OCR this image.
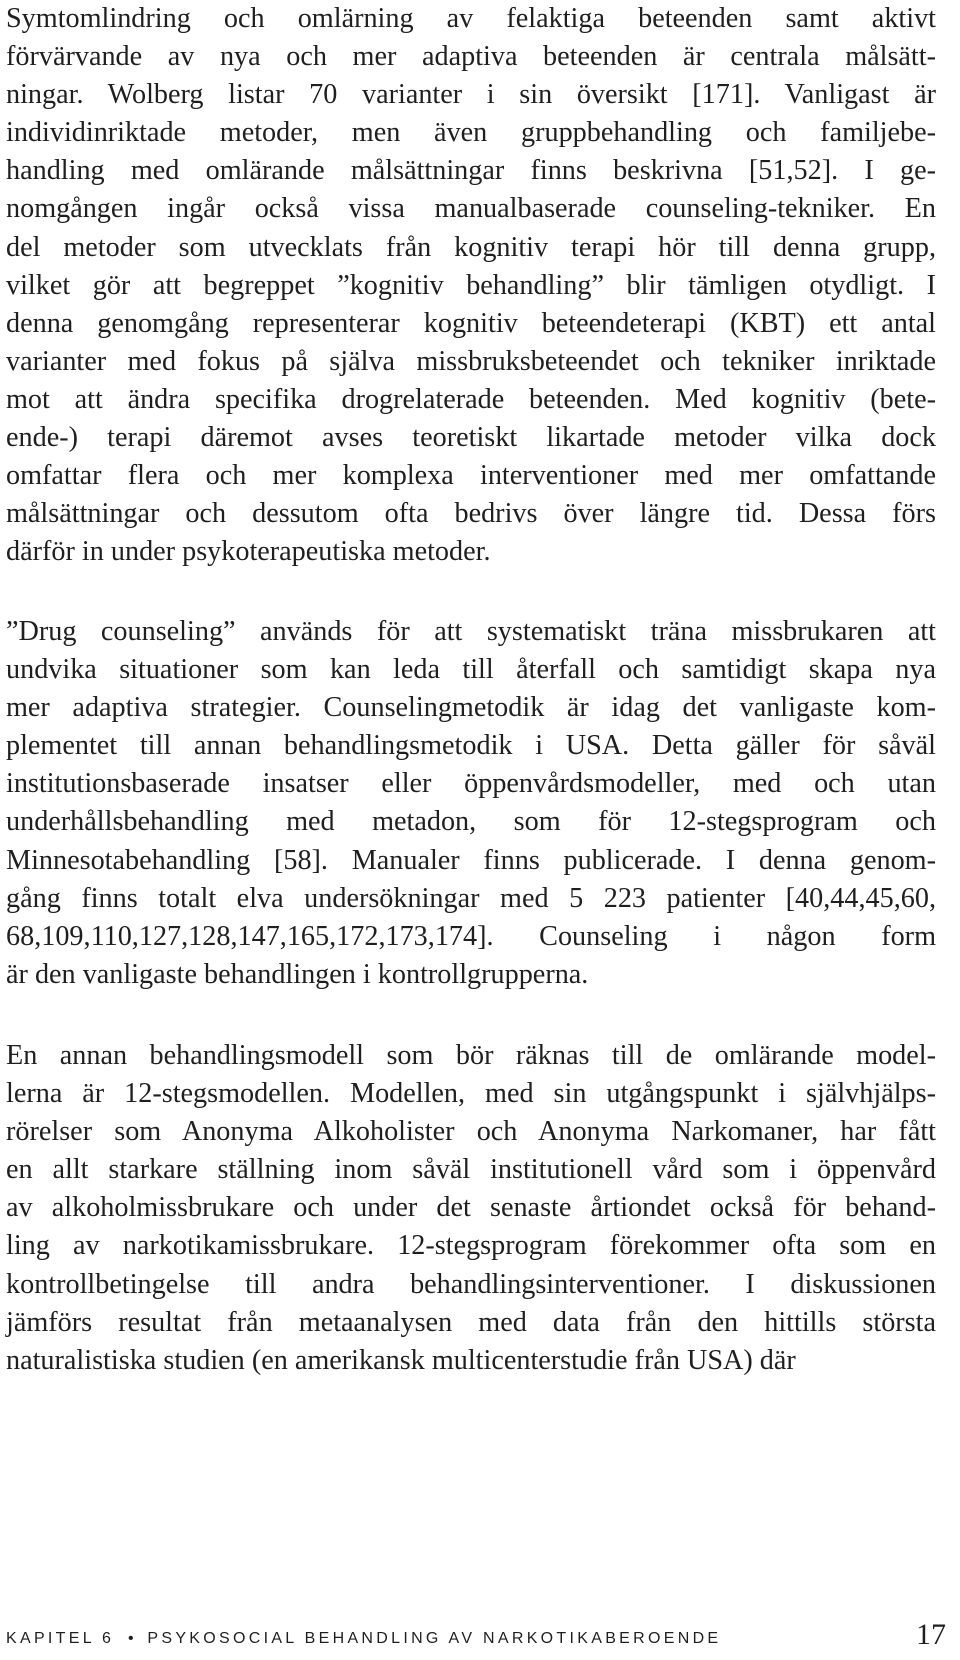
Symtomlindring och omlärning av felaktiga beteenden samt aktivt
förvärvande av nya och mer adaptiva beteenden är centrala målsätt-
ningar. Wolberg listar 70 varianter i sin översikt [171]. Vanligast är
individinriktade metoder, men även gruppbehandling och familjebe-
handling med omlärande målsättningar finns beskrivna [51,52]. I ge-
nomgången ingår också vissa manualbaserade counseling-tekniker. En
del metoder som utvecklats från kognitiv terapi hör till denna grupp,
vilket gör att begreppet ”kognitiv behandling” blir tämligen otydligt. I
denna genomgång representerar kognitiv beteendeterapi (KBT) ett antal
varianter med fokus på själva missbruksbeteendet och tekniker inriktade
mot att ändra specifika drogrelaterade beteenden. Med kognitiv (bete-
ende-) terapi däremot avses teoretiskt likartade metoder vilka dock
omfattar flera och mer komplexa interventioner med mer omfattande
målsättningar och dessutom ofta bedrivs över längre tid. Dessa förs
därför in under psykoterapeutiska metoder.
”Drug counseling” används för att systematiskt träna missbrukaren att
undvika situationer som kan leda till återfall och samtidigt skapa nya
mer adaptiva strategier. Counselingmetodik är idag det vanligaste kom-
plementet till annan behandlingsmetodik i USA. Detta gäller för såväl
institutionsbaserade insatser eller öppenvårdsmodeller, med och utan
underhållsbehandling med metadon, som för 12-stegsprogram och
Minnesotabehandling [58]. Manualer finns publicerade. I denna genom-
gång finns totalt elva undersökningar med 5 223 patienter [40,44,45,60,
68,109,110,127,128,147,165,172,173,174]. Counseling i någon form
är den vanligaste behandlingen i kontrollgrupperna.
En annan behandlingsmodell som bör räknas till de omlärande model-
lerna är 12-stegsmodellen. Modellen, med sin utgångspunkt i självhjälps-
rörelser som Anonyma Alkoholister och Anonyma Narkomaner, har fått
en allt starkare ställning inom såväl institutionell vård som i öppenvård
av alkoholmissbrukare och under det senaste årtiondet också för behand-
ling av narkotikamissbrukare. 12-stegsprogram förekommer ofta som en
kontrollbetingelse till andra behandlingsinterventioner. I diskussionen
jämförs resultat från metaanalysen med data från den hittills största
naturalistiska studien (en amerikansk multicenterstudie från USA) där
KAPITEL 6 • PSYKOSOCIAL BEHANDLING AV NARKOTIKABEROENDE	17
